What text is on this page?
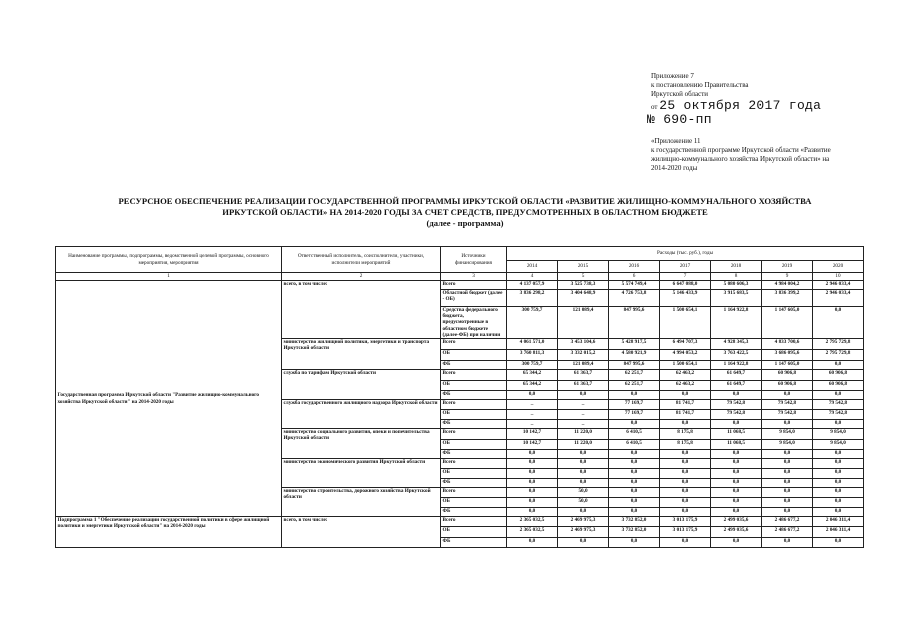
Приложение 7
к постановлению Правительства
Иркутской области
от 25 октября 2017 года
№ 690-пп
«Приложение 11
к государственной программе Иркутской области «Развитие
жилищно-коммунального хозяйства Иркутской области» на
2014-2020 годы
РЕСУРСНОЕ ОБЕСПЕЧЕНИЕ РЕАЛИЗАЦИИ ГОСУДАРСТВЕННОЙ ПРОГРАММЫ ИРКУТСКОЙ ОБЛАСТИ «РАЗВИТИЕ ЖИЛИЩНО-КОММУНАЛЬНОГО ХОЗЯЙСТВА
ИРКУТСКОЙ ОБЛАСТИ» НА 2014-2020 ГОДЫ ЗА СЧЕТ СРЕДСТВ, ПРЕДУСМОТРЕННЫХ В ОБЛАСТНОМ БЮДЖЕТЕ
(далее - программа)
Наименование программы, подпрограммы, ведомственной целевой программы, основного мероприятия, мероприятия	Ответственный исполнитель, соисполнители, участники, исполнители мероприятий	Источники финансирования	Расходы (тыс. руб.), годы						
			2014	2015	2016	2017	2018	2019	2020
1	2	3	4	5	6	7	8	9	10
Государственная программа Иркутской области "Развитие жилищно-коммунального хозяйства Иркутской области" на 2014-2020 годы	всего, в том числе:	Всего	4 137 057,9	3 525 738,3	5 574 749,4	6 647 088,0	5 080 606,3	4 984 004,2	2 946 033,4
		Областной бюджет (далее - ОБ)	3 836 298,2	3 404 648,9	4 726 753,8	5 146 433,9	3 915 683,5	3 836 399,2	2 946 033,4
		Средства федерального бюджета, предусмотренные в областном бюджете (далее-ФБ) при наличии	300 759,7	121 089,4	847 995,6	1 500 654,1	1 164 922,8	1 147 605,0	0,0
	министерство жилищной политики, энергетики и транспорта Иркутской области	Всего	4 061 571,0	3 453 104,6	5 428 917,5	6 494 707,3	4 928 345,3	4 833 700,6	2 795 729,8
		ОБ	3 760 811,3	3 332 015,2	4 580 921,9	4 994 053,2	3 763 422,5	3 686 095,6	2 795 729,8
		ФБ	300 759,7	121 089,4	847 995,6	1 500 654,1	1 164 922,8	1 147 605,0	0,0
	служба по тарифам Иркутской области	Всего	65 344,2	61 363,7	62 251,7	62 463,2	61 649,7	60 906,8	60 906,8
		ОБ	65 344,2	61 363,7	62 251,7	62 463,2	61 649,7	60 906,8	60 906,8
		ФБ	0,0	0,0	0,0	0,0	0,0	0,0	0,0
	служба государственного жилищного надзора Иркутской области	Всего	_	_	77 169,7	81 741,7	79 542,8	79 542,8	79 542,8
		ОБ	_	_	77 169,7	81 741,7	79 542,8	79 542,8	79 542,8
		ФБ	_	_	0,0	0,0	0,0	0,0	0,0
	министерство социального развития, опеки и попечительства Иркутской области	Всего	10 142,7	11 220,0	6 410,5	8 175,8	11 068,5	9 854,0	9 854,0
		ОБ	10 142,7	11 220,0	6 410,5	8 175,8	11 068,5	9 854,0	9 854,0
		ФБ	0,0	0,0	0,0	0,0	0,0	0,0	0,0
	министерство экономического развития Иркутской области	Всего	0,0	0,0	0,0	0,0	0,0	0,0	0,0
		ОБ	0,0	0,0	0,0	0,0	0,0	0,0	0,0
		ФБ	0,0	0,0	0,0	0,0	0,0	0,0	0,0
	министерство строительства, дорожного хозяйства Иркутской области	Всего	0,0	50,0	0,0	0,0	0,0	0,0	0,0
		ОБ	0,0	50,0	0,0	0,0	0,0	0,0	0,0
		ФБ	0,0	0,0	0,0	0,0	0,0	0,0	0,0
Подпрограмма 1 "Обеспечение реализации государственной политики в сфере жилищной политики и энергетики Иркутской области" на 2014-2020 годы	всего, в том числе:	Всего	2 365 032,5	2 469 975,3	3 732 852,0	3 013 175,9	2 499 035,6	2 486 677,2	2 046 311,4
		ОБ	2 365 032,5	2 469 975,3	3 732 852,0	3 013 175,9	2 499 035,6	2 486 677,2	2 046 311,4
		ФБ	0,0	0,0	0,0	0,0	0,0	0,0	0,0
